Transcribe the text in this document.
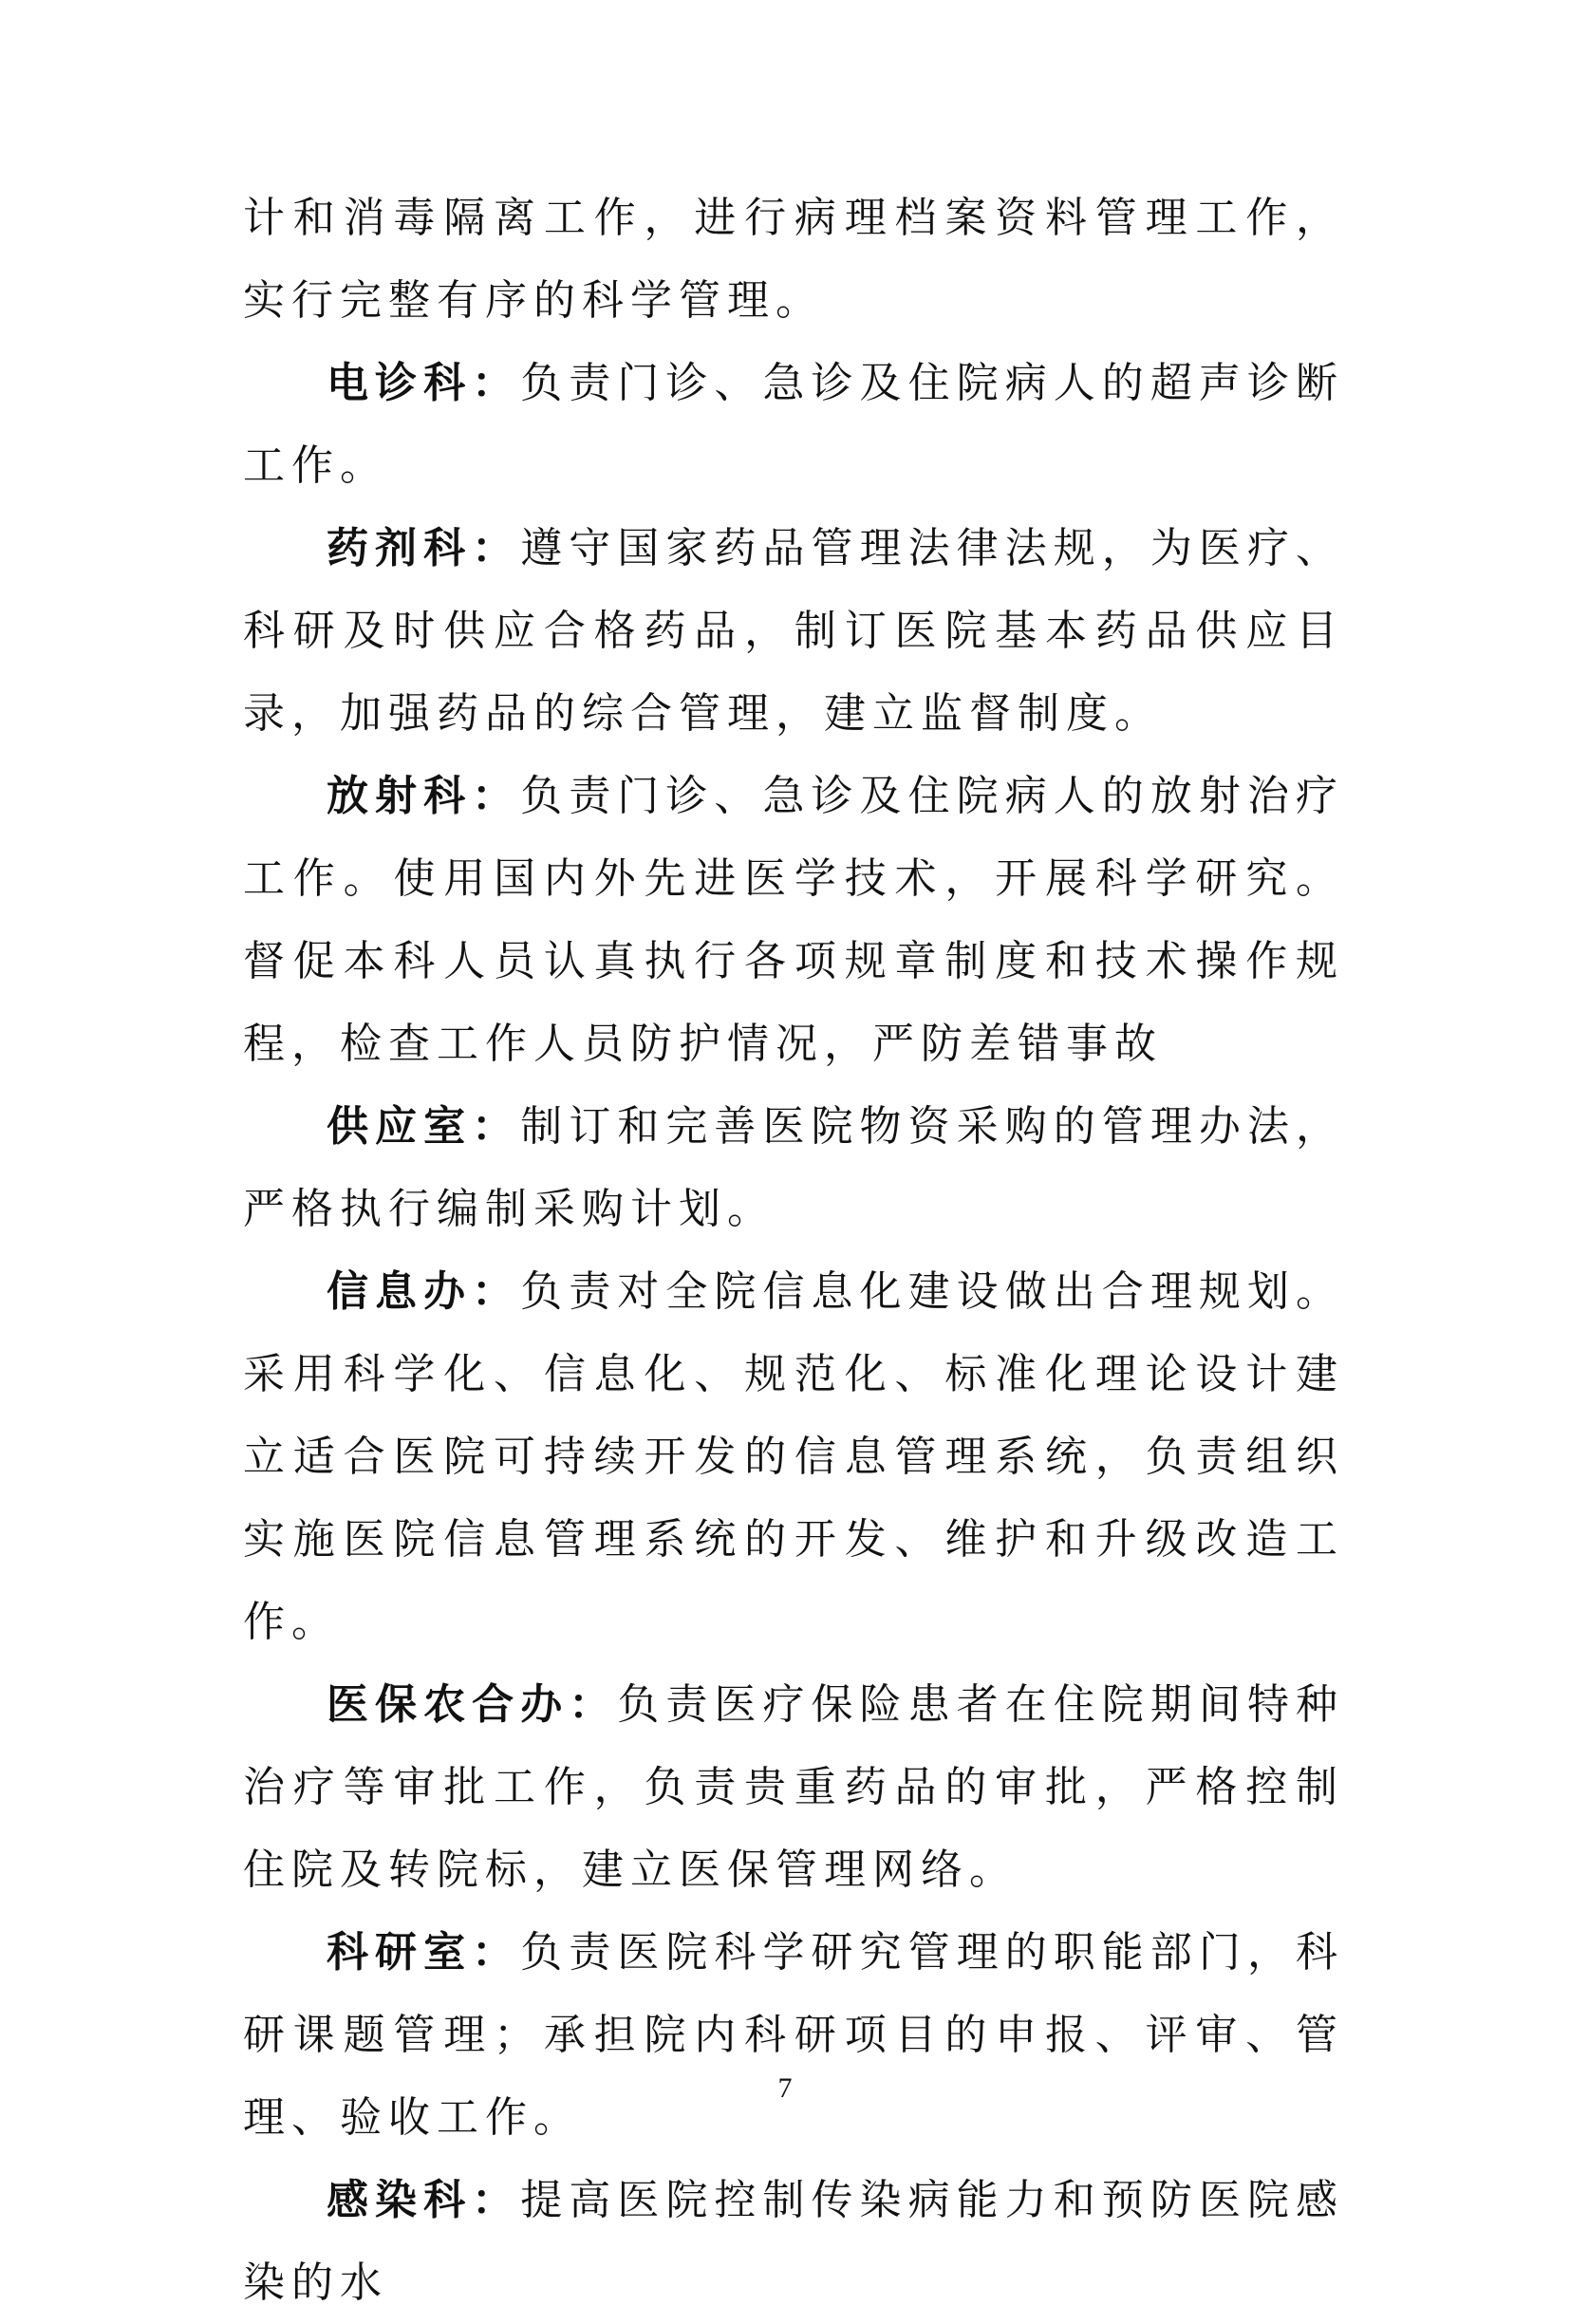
计和消毒隔离工作，进行病理档案资料管理工作，实行完整有序的科学管理。

电诊科：负责门诊、急诊及住院病人的超声诊断工作。

药剂科：遵守国家药品管理法律法规，为医疗、科研及时供应合格药品，制订医院基本药品供应目录，加强药品的综合管理，建立监督制度。

放射科：负责门诊、急诊及住院病人的放射治疗工作。使用国内外先进医学技术，开展科学研究。督促本科人员认真执行各项规章制度和技术操作规程，检查工作人员防护情况，严防差错事故

供应室：制订和完善医院物资采购的管理办法，严格执行编制采购计划。

信息办：负责对全院信息化建设做出合理规划。采用科学化、信息化、规范化、标准化理论设计建立适合医院可持续开发的信息管理系统，负责组织实施医院信息管理系统的开发、维护和升级改造工作。

医保农合办：负责医疗保险患者在住院期间特种治疗等审批工作，负责贵重药品的审批，严格控制住院及转院标，建立医保管理网络。

科研室：负责医院科学研究管理的职能部门，科研课题管理；承担院内科研项目的申报、评审、管理、验收工作。

感染科：提高医院控制传染病能力和预防医院感染的水

7
